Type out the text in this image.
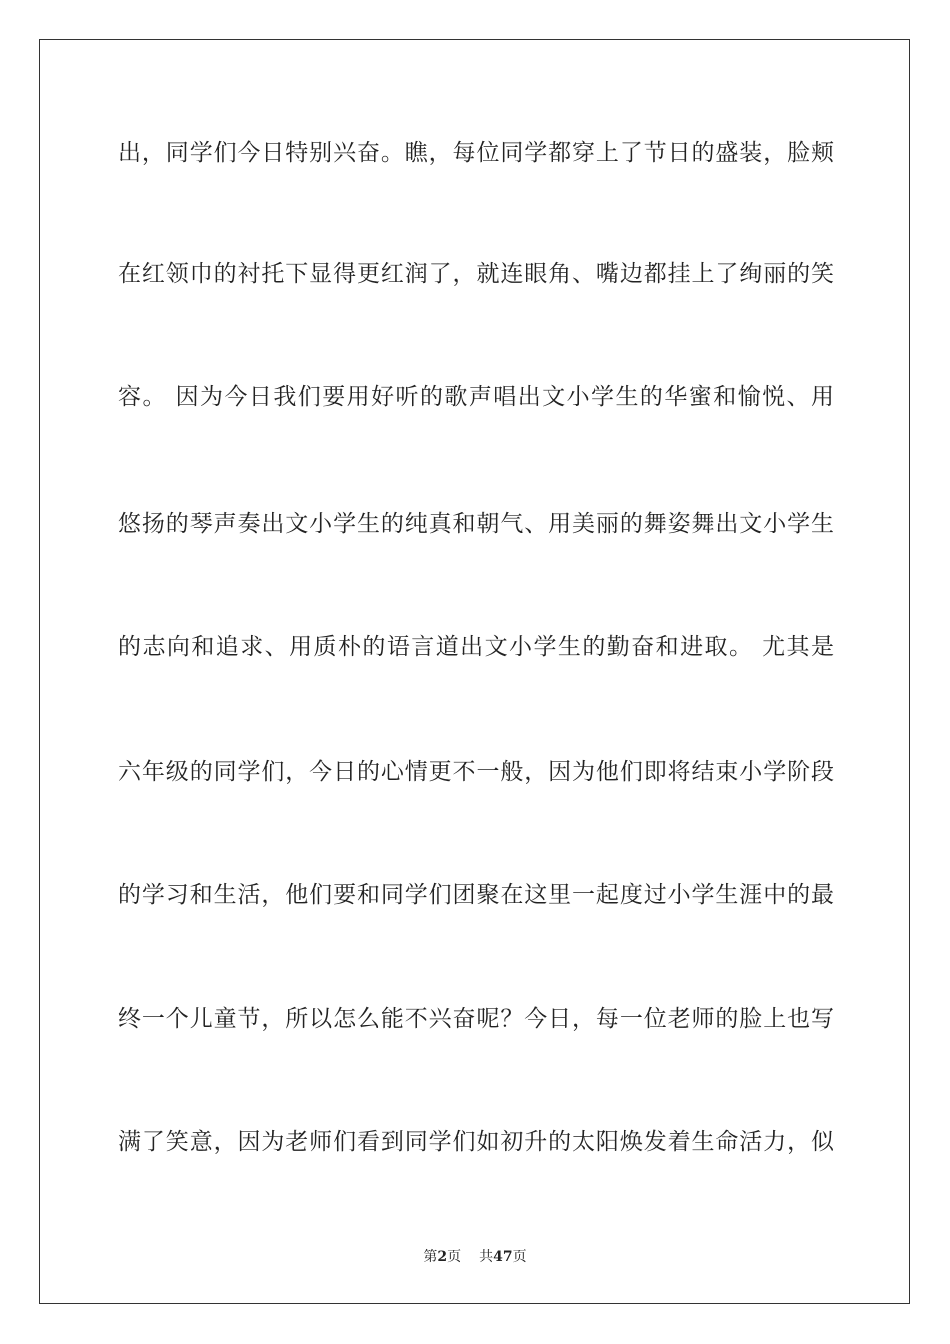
出，同学们今日特别兴奋。瞧，每位同学都穿上了节日的盛装，脸颊
在红领巾的衬托下显得更红润了，就连眼角、嘴边都挂上了绚丽的笑
容。 因为今日我们要用好听的歌声唱出文小学生的华蜜和愉悦、用
悠扬的琴声奏出文小学生的纯真和朝气、用美丽的舞姿舞出文小学生
的志向和追求、用质朴的语言道出文小学生的勤奋和进取。 尤其是
六年级的同学们，今日的心情更不一般，因为他们即将结束小学阶段
的学习和生活，他们要和同学们团聚在这里一起度过小学生涯中的最
终一个儿童节，所以怎么能不兴奋呢？今日，每一位老师的脸上也写
满了笑意，因为老师们看到同学们如初升的太阳焕发着生命活力，似
第2页 共47页
